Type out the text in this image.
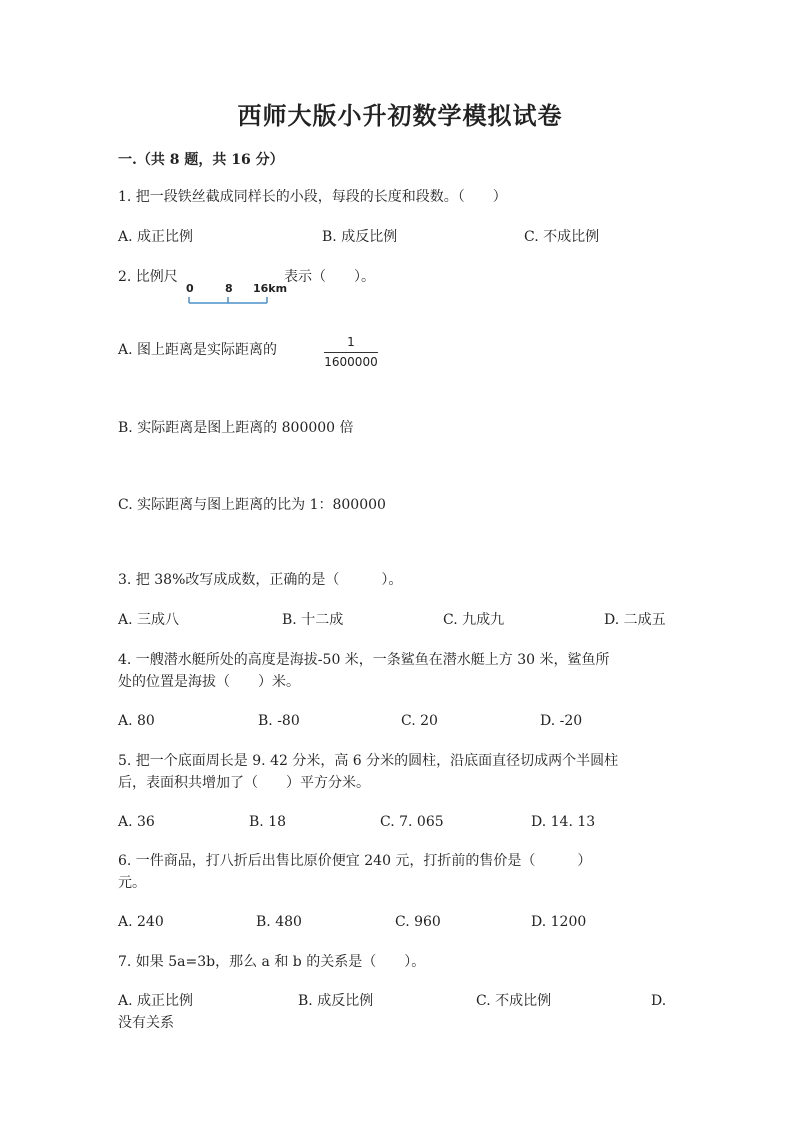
西师大版小升初数学模拟试卷

一.（共 8 题，共 16 分）

1. 把一段铁丝截成同样长的小段，每段的长度和段数。（　　）

A. 成正比例	B. 成反比例	C. 不成比例

2. 比例尺

0	8 16km

表示（　　）。

A. 图上距离是实际距离的	1
1600000
B. 实际距离是图上距离的 800000 倍
C. 实际距离与图上距离的比为 1：800000

3. 把 38%改写成成数，正确的是（　　　）。

A. 三成八	B. 十二成	C. 九成九	D. 二成五

4. 一艘潜水艇所处的高度是海拔-50 米，一条鲨鱼在潜水艇上方 30 米，鲨鱼所

处的位置是海拔（　　）米。

A. 80	B. -80	C. 20	D. -20

5. 把一个底面周长是 9. 42 分米，高 6 分米的圆柱，沿底面直径切成两个半圆柱

后，表面积共增加了（　　）平方分米。

A. 36	B. 18	C. 7. 065	D. 14. 13

6. 一件商品，打八折后出售比原价便宜 240 元，打折前的售价是（　　　）

元。

A. 240	B. 480	C. 960	D. 1200

7. 如果 5a=3b，那么 a 和 b 的关系是（　　）。

A. 成正比例	B. 成反比例	C. 不成比例	D.
没有关系
